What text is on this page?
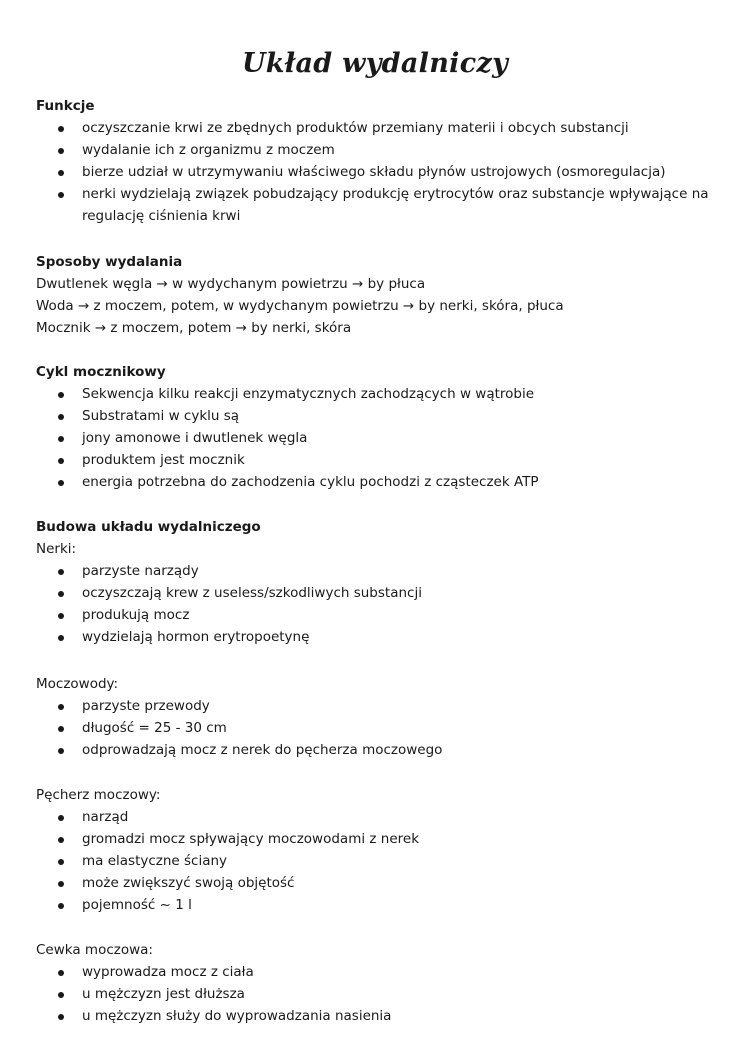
Układ wydalniczy
Funkcje
oczyszczanie krwi ze zbędnych produktów przemiany materii i obcych substancji
wydalanie ich z organizmu z moczem
bierze udział w utrzymywaniu właściwego składu płynów ustrojowych (osmoregulacja)
nerki wydzielają związek pobudzający produkcję erytrocytów oraz substancje wpływające na regulację ciśnienia krwi
Sposoby wydalania
Dwutlenek węgla → w wydychanym powietrzu → by płuca
Woda → z moczem, potem, w wydychanym powietrzu → by nerki, skóra, płuca
Mocznik → z moczem, potem → by nerki, skóra
Cykl mocznikowy
Sekwencja kilku reakcji enzymatycznych zachodzących w wątrobie
Substratami w cyklu są
jony amonowe i dwutlenek węgla
produktem jest mocznik
energia potrzebna do zachodzenia cyklu pochodzi z cząsteczek ATP
Budowa układu wydalniczego
Nerki:
parzyste narządy
oczyszczają krew z useless/szkodliwych substancji
produkują mocz
wydzielają hormon erytropoetynę
Moczowody:
parzyste przewody
długość = 25 - 30 cm
odprowadzają mocz z nerek do pęcherza moczowego
Pęcherz moczowy:
narząd
gromadzi mocz spływający moczowodami z nerek
ma elastyczne ściany
może zwiększyć swoją objętość
pojemność ~ 1 l
Cewka moczowa:
wyprowadza mocz z ciała
u mężczyzn jest dłuższa
u mężczyzn służy do wyprowadzania nasienia
